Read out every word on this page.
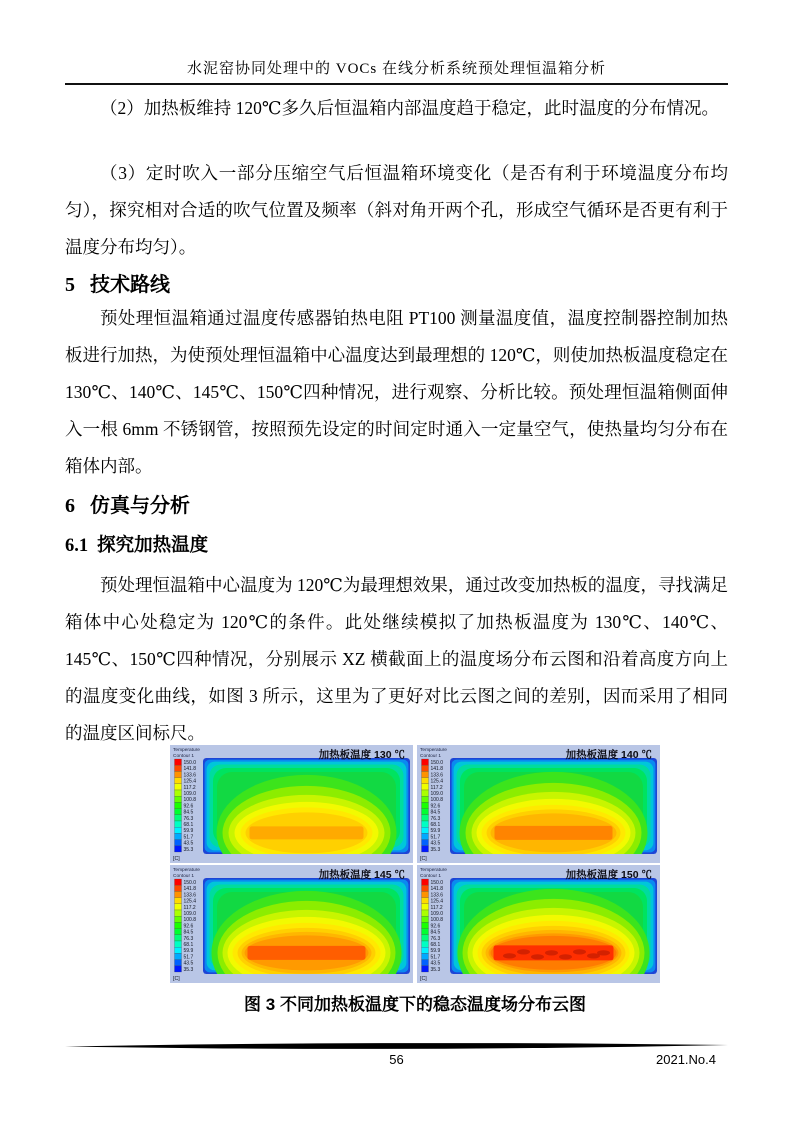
水泥窑协同处理中的 VOCs 在线分析系统预处理恒温箱分析
（2）加热板维持 120℃多久后恒温箱内部温度趋于稳定，此时温度的分布情况。
（3）定时吹入一部分压缩空气后恒温箱环境变化（是否有利于环境温度分布均匀），探究相对合适的吹气位置及频率（斜对角开两个孔，形成空气循环是否更有利于温度分布均匀）。
5 技术路线
预处理恒温箱通过温度传感器铂热电阻 PT100 测量温度值，温度控制器控制加热板进行加热，为使预处理恒温箱中心温度达到最理想的 120℃，则使加热板温度稳定在 130℃、140℃、145℃、150℃四种情况，进行观察、分析比较。预处理恒温箱侧面伸入一根 6mm 不锈钢管，按照预先设定的时间定时通入一定量空气，使热量均匀分布在箱体内部。
6 仿真与分析
6.1 探究加热温度
预处理恒温箱中心温度为 120℃为最理想效果，通过改变加热板的温度，寻找满足箱体中心处稳定为 120℃的条件。此处继续模拟了加热板温度为 130℃、140℃、145℃、150℃四种情况，分别展示 XZ 横截面上的温度场分布云图和沿着高度方向上的温度变化曲线，如图 3 所示，这里为了更好对比云图之间的差别，因而采用了相同的温度区间标尺。
Temperature
Contour 1
150.0
141.8
133.6
125.4
117.2
109.0
100.8
92.6
84.5
76.3
68.1
59.9
51.7
43.5
35.3
[C]
加热板温度 130 ℃	Temperature
Contour 1
150.0
141.8
133.6
125.4
117.2
109.0
100.8
92.6
84.5
76.3
68.1
59.9
51.7
43.5
35.3
[C]
加热板温度 140 ℃
Temperature
Contour 1
150.0
141.8
133.6
125.4
117.2
109.0
100.8
92.6
84.5
76.3
68.1
59.9
51.7
43.5
35.3
[C]
加热板温度 145 ℃	Temperature
Contour 1
150.0
141.8
133.6
125.4
117.2
109.0
100.8
92.6
84.5
76.3
68.1
59.9
51.7
43.5
35.3
[C]
加热板温度 150 ℃
图 3 不同加热板温度下的稳态温度场分布云图
56	2021.No.4
